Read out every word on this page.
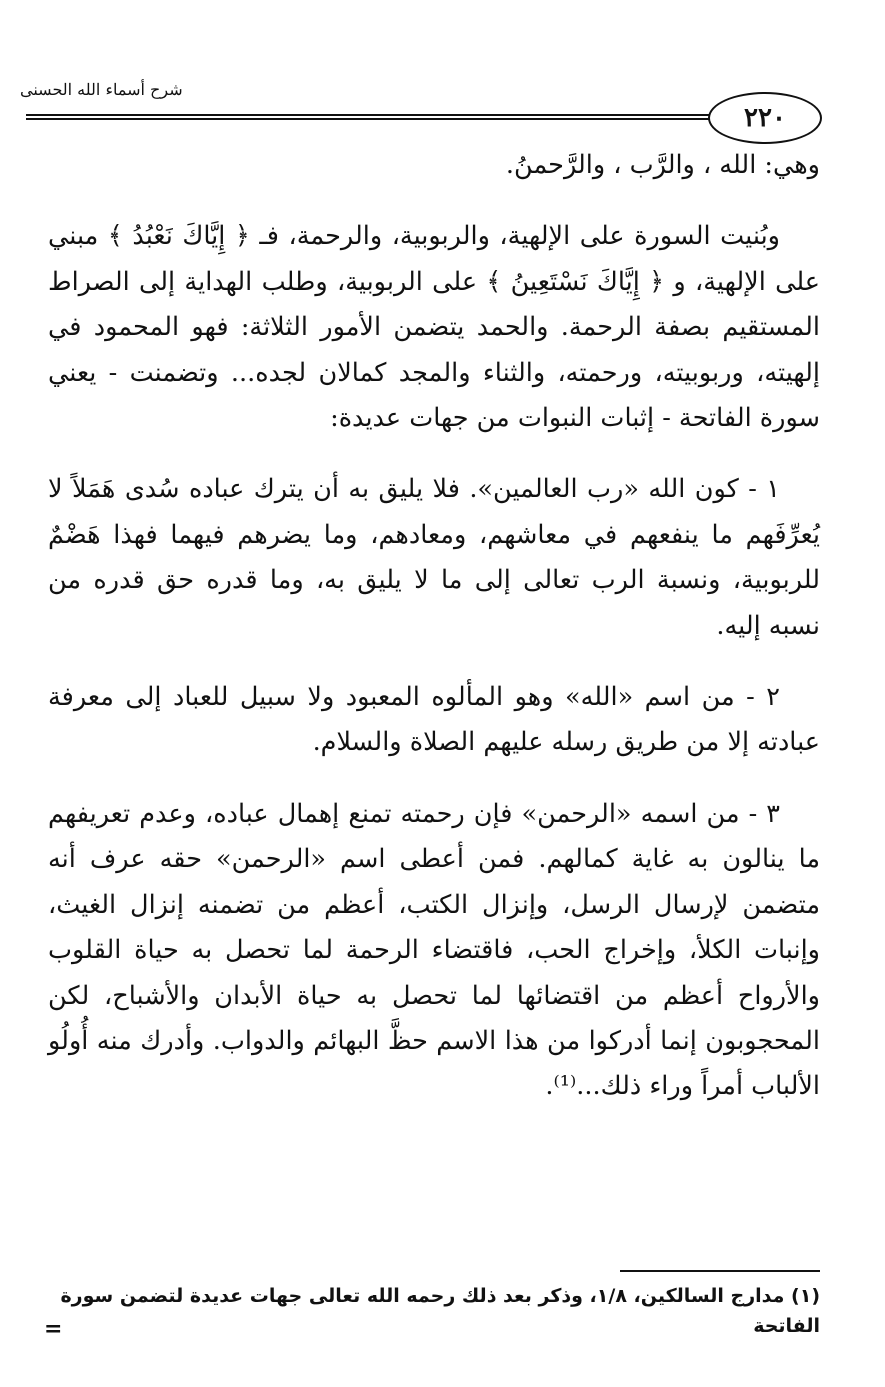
شرح أسماء الله الحسنى
٢٢٠

وهي: الله ، والرَّب ، والرَّحمنُ.

وبُنيت السورة على الإلهية، والربوبية، والرحمة، فـ ﴿ إِيَّاكَ نَعْبُدُ ﴾ مبني على الإلهية، و ﴿ إِيَّاكَ نَسْتَعِينُ ﴾ على الربوبية، وطلب الهداية إلى الصراط المستقيم بصفة الرحمة. والحمد يتضمن الأمور الثلاثة: فهو المحمود في إلهيته، وربوبيته، ورحمته، والثناء والمجد كمالان لجده... وتضمنت - يعني سورة الفاتحة - إثبات النبوات من جهات عديدة:

١ - كون الله «رب العالمين». فلا يليق به أن يترك عباده سُدى هَمَلاً لا يُعرِّفَهم ما ينفعهم في معاشهم، ومعادهم، وما يضرهم فيهما فهذا هَضْمٌ للربوبية، ونسبة الرب تعالى إلى ما لا يليق به، وما قدره حق قدره من نسبه إليه.

٢ - من اسم «الله» وهو المألوه المعبود ولا سبيل للعباد إلى معرفة عبادته إلا من طريق رسله عليهم الصلاة والسلام.

٣ - من اسمه «الرحمن» فإن رحمته تمنع إهمال عباده، وعدم تعريفهم ما ينالون به غاية كمالهم. فمن أعطى اسم «الرحمن» حقه عرف أنه متضمن لإرسال الرسل، وإنزال الكتب، أعظم من تضمنه إنزال الغيث، وإنبات الكلأ، وإخراج الحب، فاقتضاء الرحمة لما تحصل به حياة القلوب والأرواح أعظم من اقتضائها لما تحصل به حياة الأبدان والأشباح، لكن المحجوبون إنما أدركوا من هذا الاسم حظَّ البهائم والدواب. وأدرك منه أُولُو الألباب أمراً وراء ذلك...⁽¹⁾.

(١) مدارج السالكين، ١/٨، وذكر بعد ذلك رحمه الله تعالى جهات عديدة لتضمن سورة الفاتحة
=
